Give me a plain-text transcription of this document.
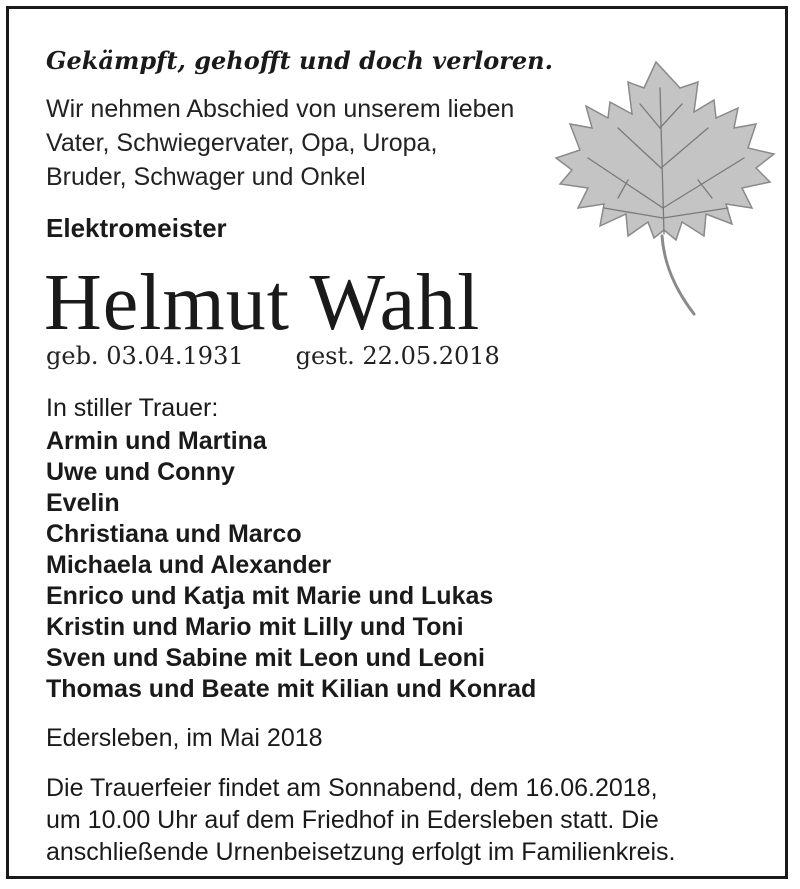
Gekämpft, gehofft und doch verloren.
Wir nehmen Abschied von unserem lieben
Vater, Schwiegervater, Opa, Uropa,
Bruder, Schwager und Onkel
Elektromeister
Helmut Wahl
geb. 03.04.1931 gest. 22.05.2018
In stiller Trauer:
Armin und Martina
Uwe und Conny
Evelin
Christiana und Marco
Michaela und Alexander
Enrico und Katja mit Marie und Lukas
Kristin und Mario mit Lilly und Toni
Sven und Sabine mit Leon und Leoni
Thomas und Beate mit Kilian und Konrad
Edersleben, im Mai 2018
Die Trauerfeier findet am Sonnabend, dem 16.06.2018,
um 10.00 Uhr auf dem Friedhof in Edersleben statt. Die
anschließende Urnenbeisetzung erfolgt im Familienkreis.
